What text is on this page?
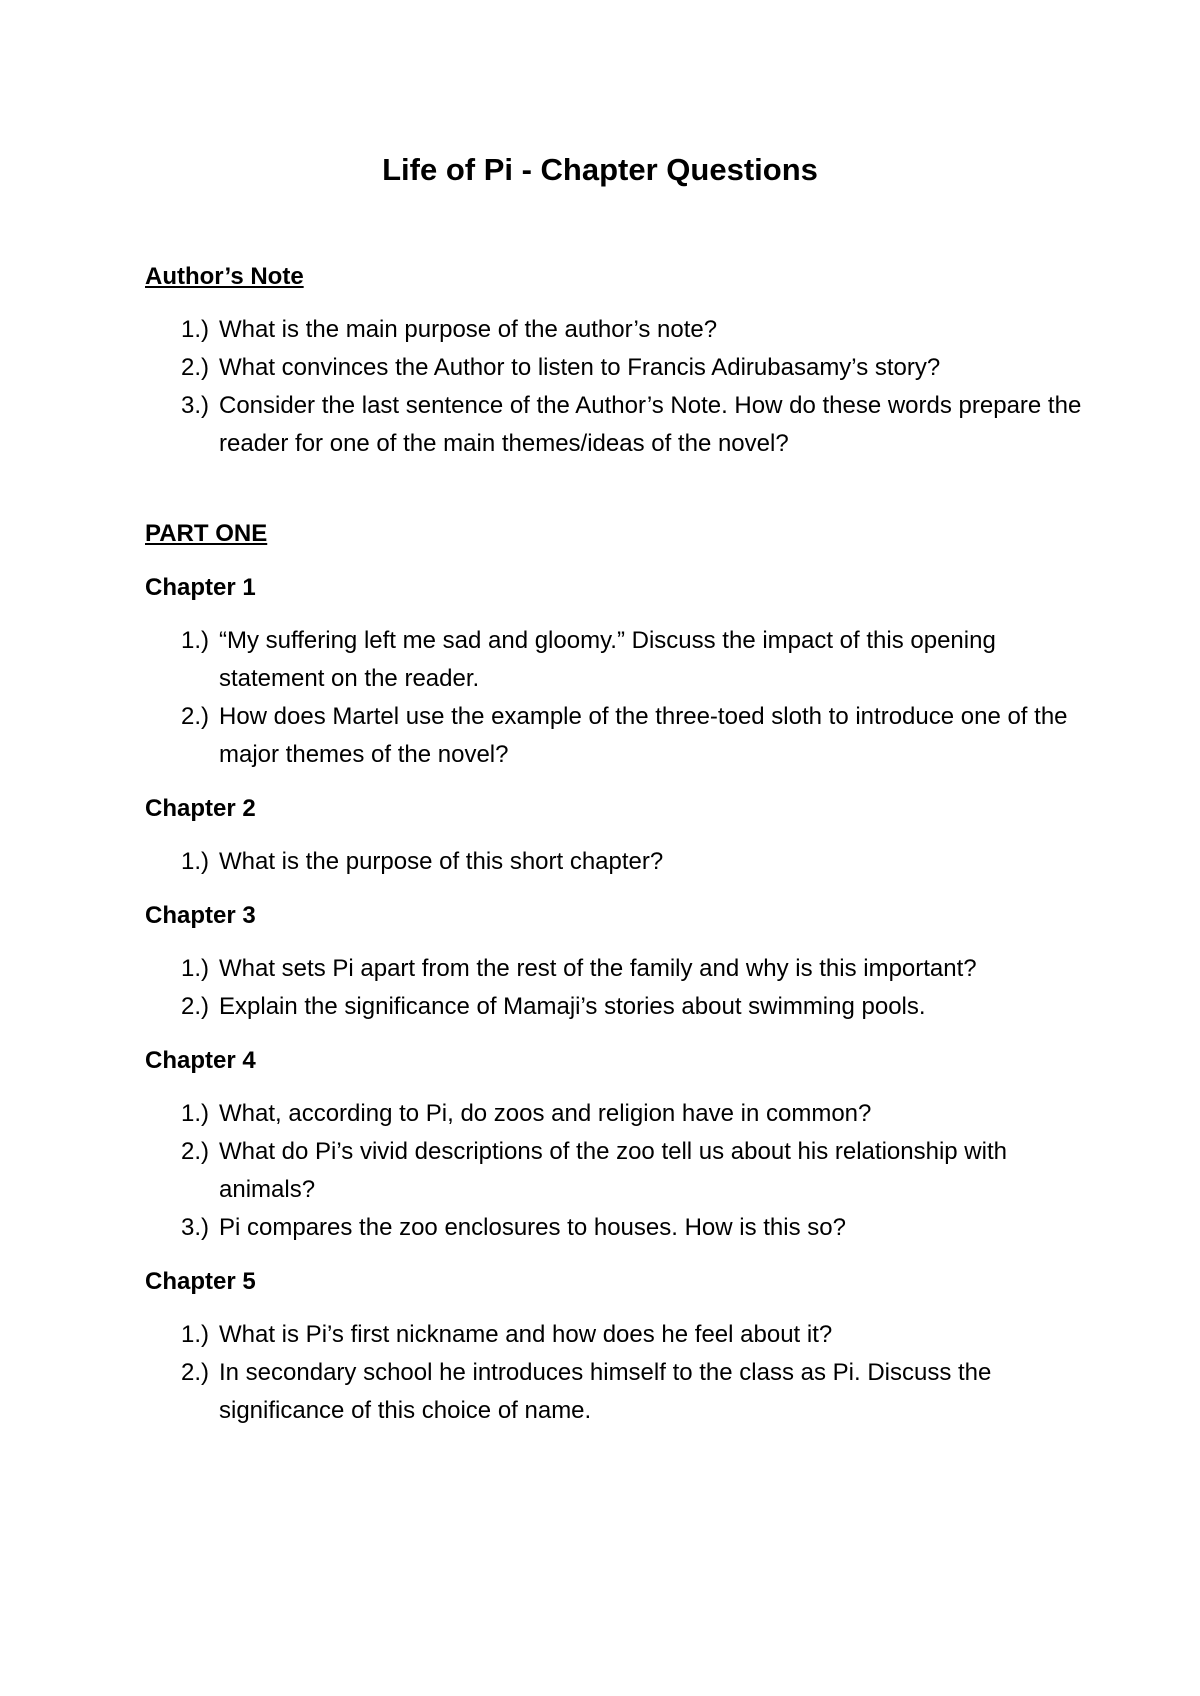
Life of Pi - Chapter Questions

Author’s Note

1.) What is the main purpose of the author’s note?
2.) What convinces the Author to listen to Francis Adirubasamy’s story?
3.) Consider the last sentence of the Author’s Note. How do these words prepare the reader for one of the main themes/ideas of the novel?

PART ONE

Chapter 1

1.) “My suffering left me sad and gloomy.” Discuss the impact of this opening statement on the reader.
2.) How does Martel use the example of the three-toed sloth to introduce one of the major themes of the novel?

Chapter 2

1.) What is the purpose of this short chapter?

Chapter 3

1.) What sets Pi apart from the rest of the family and why is this important?
2.) Explain the significance of Mamaji’s stories about swimming pools.

Chapter 4

1.) What, according to Pi, do zoos and religion have in common?
2.) What do Pi’s vivid descriptions of the zoo tell us about his relationship with animals?
3.) Pi compares the zoo enclosures to houses. How is this so?

Chapter 5

1.) What is Pi’s first nickname and how does he feel about it?
2.) In secondary school he introduces himself to the class as Pi. Discuss the significance of this choice of name.
